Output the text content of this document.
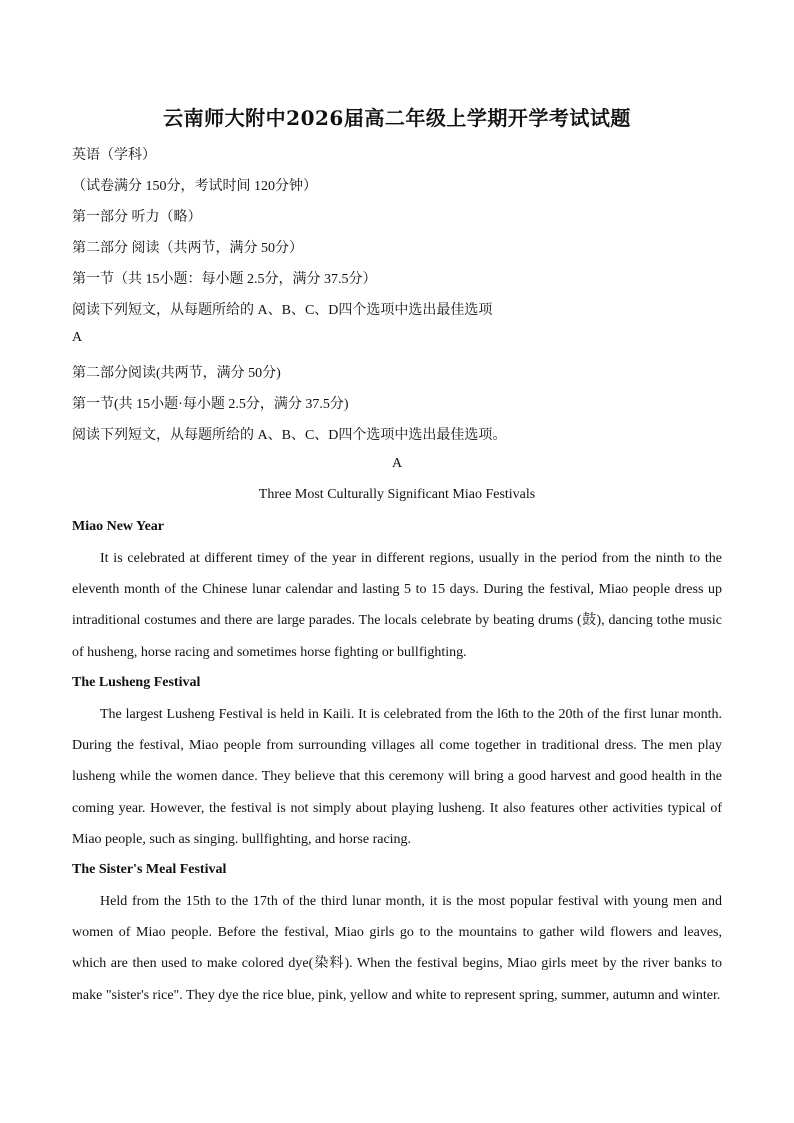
云南师大附中2026届高二年级上学期开学考试试题
英语（学科）
（试卷满分 150分，考试时间 120分钟）
第一部分 听力（略）
第二部分 阅读（共两节，满分 50分）
第一节（共 15小题：每小题 2.5分，满分 37.5分）
阅读下列短文，从每题所给的 A、B、C、D四个选项中选出最佳选项
A
第二部分阅读(共两节，满分 50分)
第一节(共 15小题·每小题 2.5分，满分 37.5分)
阅读下列短文，从每题所给的 A、B、C、D四个选项中选出最佳选项。
A
Three Most Culturally Significant Miao Festivals
Miao New Year
It is celebrated at different timey of the year in different regions, usually in the period from the ninth to the eleventh month of the Chinese lunar calendar and lasting 5 to 15 days. During the festival, Miao people dress up intraditional costumes and there are large parades. The locals celebrate by beating drums (鼓), dancing tothe music of husheng, horse racing and sometimes horse fighting or bullfighting.
The Lusheng Festival
The largest Lusheng Festival is held in Kaili. It is celebrated from the l6th to the 20th of the first lunar month. During the festival, Miao people from surrounding villages all come together in traditional dress. The men play lusheng while the women dance. They believe that this ceremony will bring a good harvest and good health in the coming year. However, the festival is not simply about playing lusheng. It also features other activities typical of Miao people, such as singing. bullfighting, and horse racing.
The Sister's Meal Festival
Held from the 15th to the 17th of the third lunar month, it is the most popular festival with young men and women of Miao people. Before the festival, Miao girls go to the mountains to gather wild flowers and leaves, which are then used to make colored dye(染料). When the festival begins, Miao girls meet by the river banks to make "sister's rice". They dye the rice blue, pink, yellow and white to represent spring, summer, autumn and winter.
